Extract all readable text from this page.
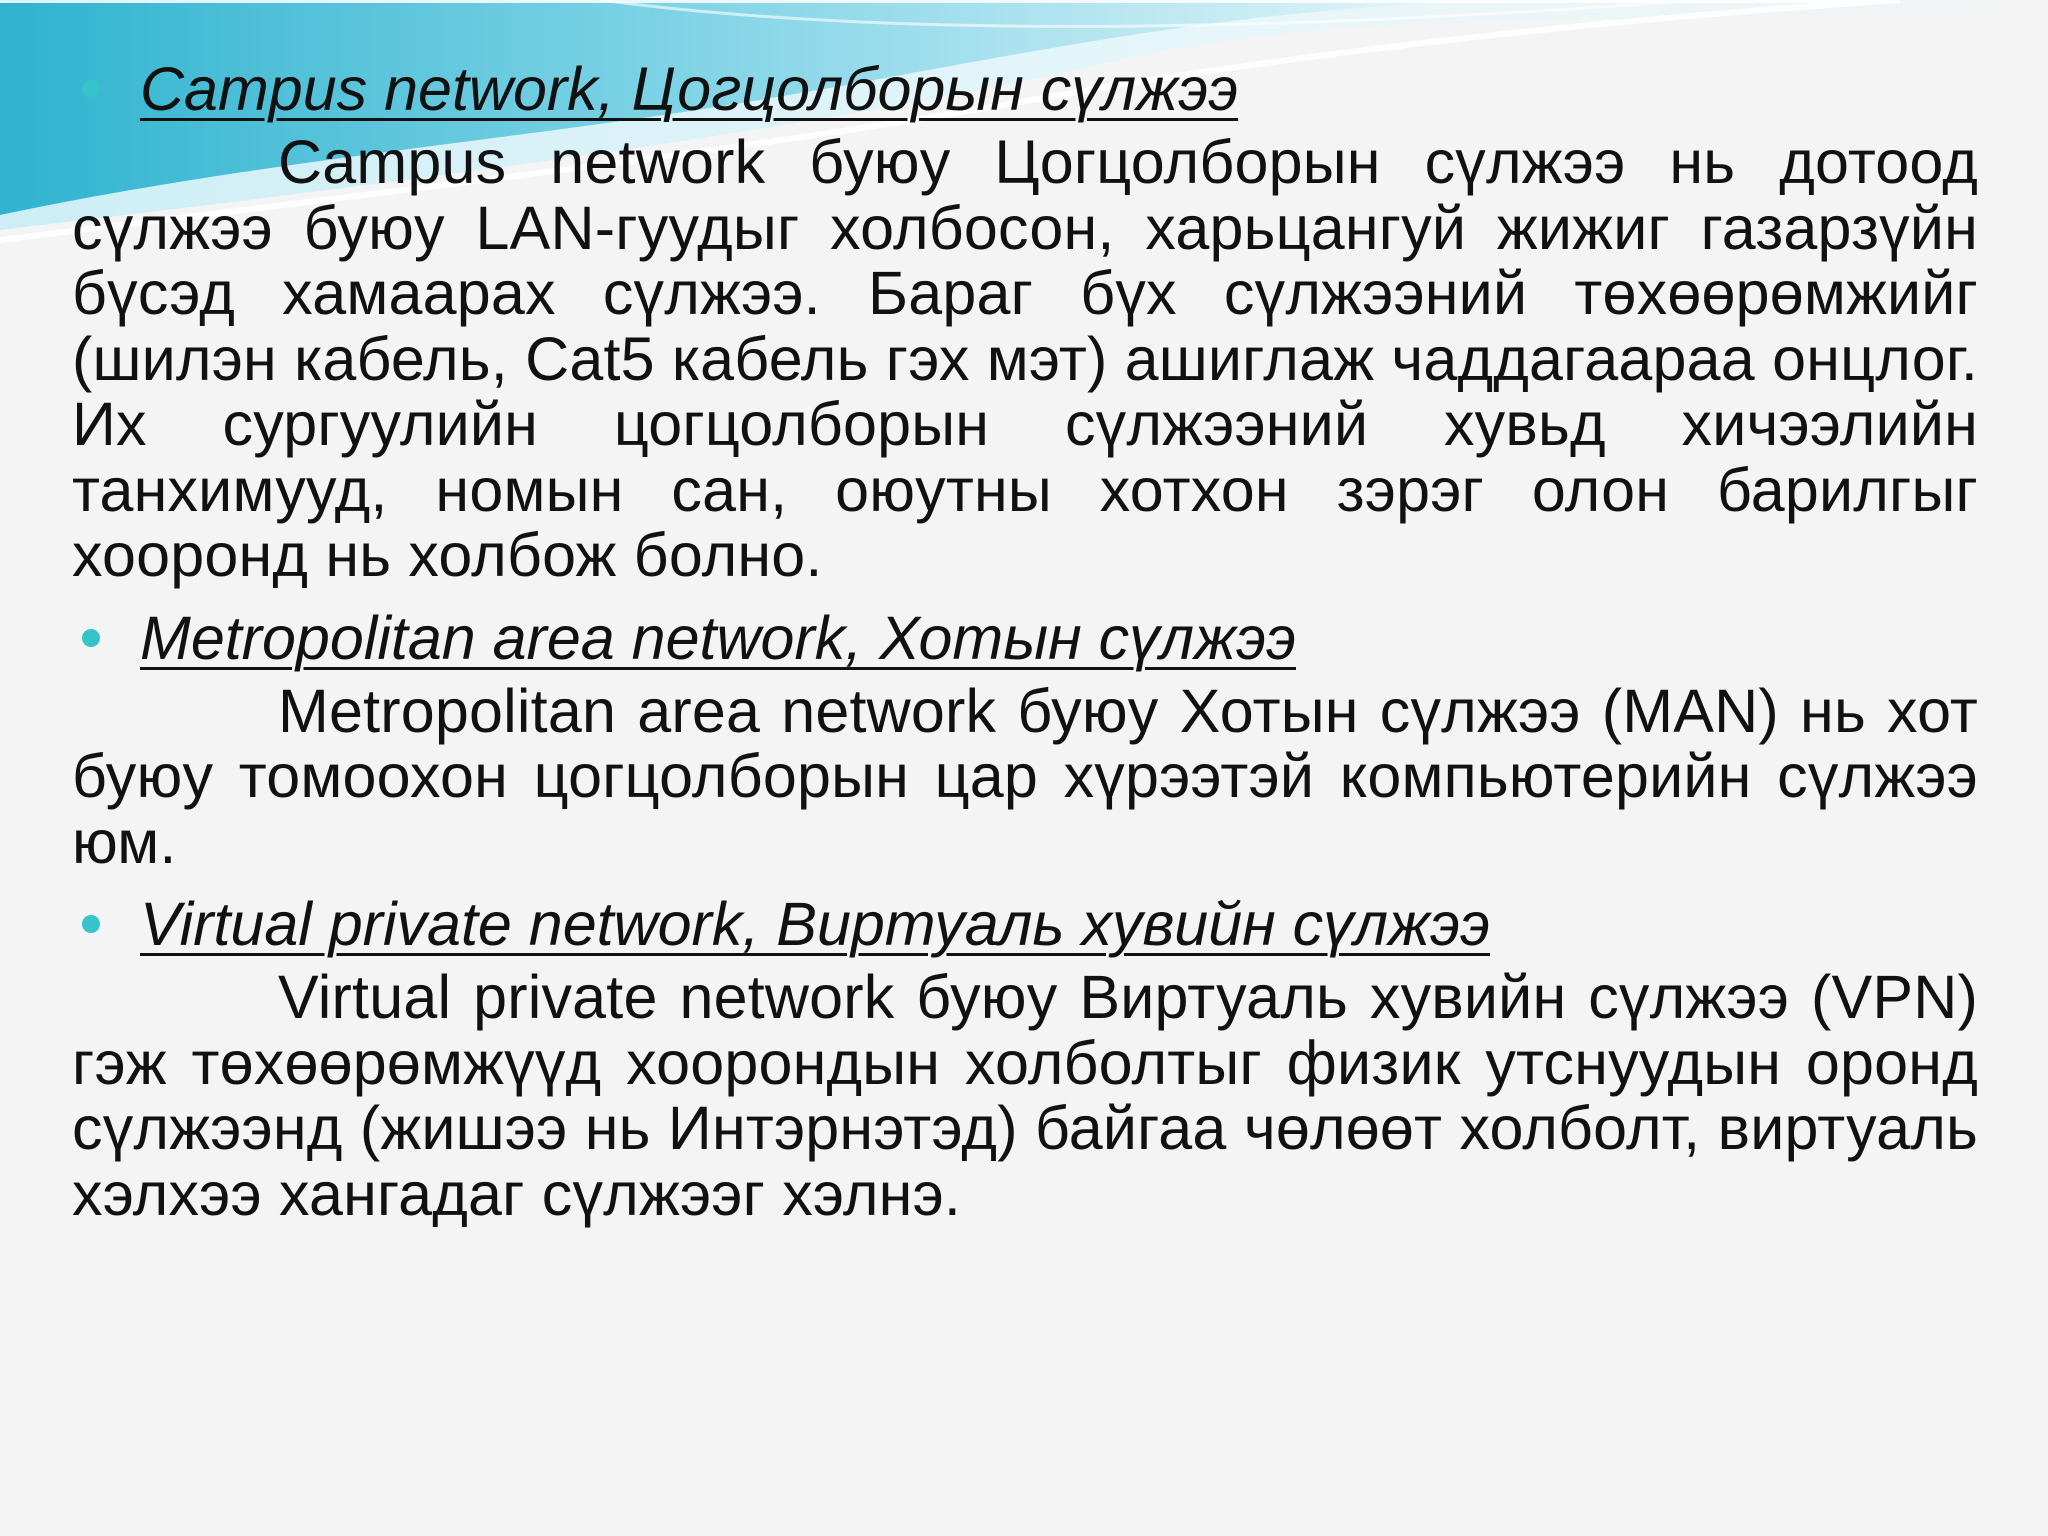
Campus network, Цогцолборын сүлжээ

Campus network буюу Цогцолборын сүлжээ нь дотоод сүлжээ буюу LAN-гуудыг холбосон, харьцангуй жижиг газарзүйн бүсэд хамаарах сүлжээ. Бараг бүх сүлжээний төхөөрөмжийг (шилэн кабель, Cat5 кабель гэх мэт) ашиглаж чаддагаараа онцлог. Их сургуулийн цогцолборын сүлжээний хувьд хичээлийн танхимууд, номын сан, оюутны хотхон зэрэг олон барилгыг хооронд нь холбож болно.

Metropolitan area network, Хотын сүлжээ

Metropolitan area network буюу Хотын сүлжээ (MAN) нь хот буюу томоохон цогцолборын цар хүрээтэй компьютерийн сүлжээ юм.

Virtual private network, Виртуаль хувийн сүлжээ

Virtual private network буюу Виртуаль хувийн сүлжээ (VPN) гэж төхөөрөмжүүд хоорондын холболтыг физик утснуудын оронд сүлжээнд (жишээ нь Интэрнэтэд) байгаа чөлөөт холболт, виртуаль хэлхээ хангадаг сүлжээг хэлнэ.
